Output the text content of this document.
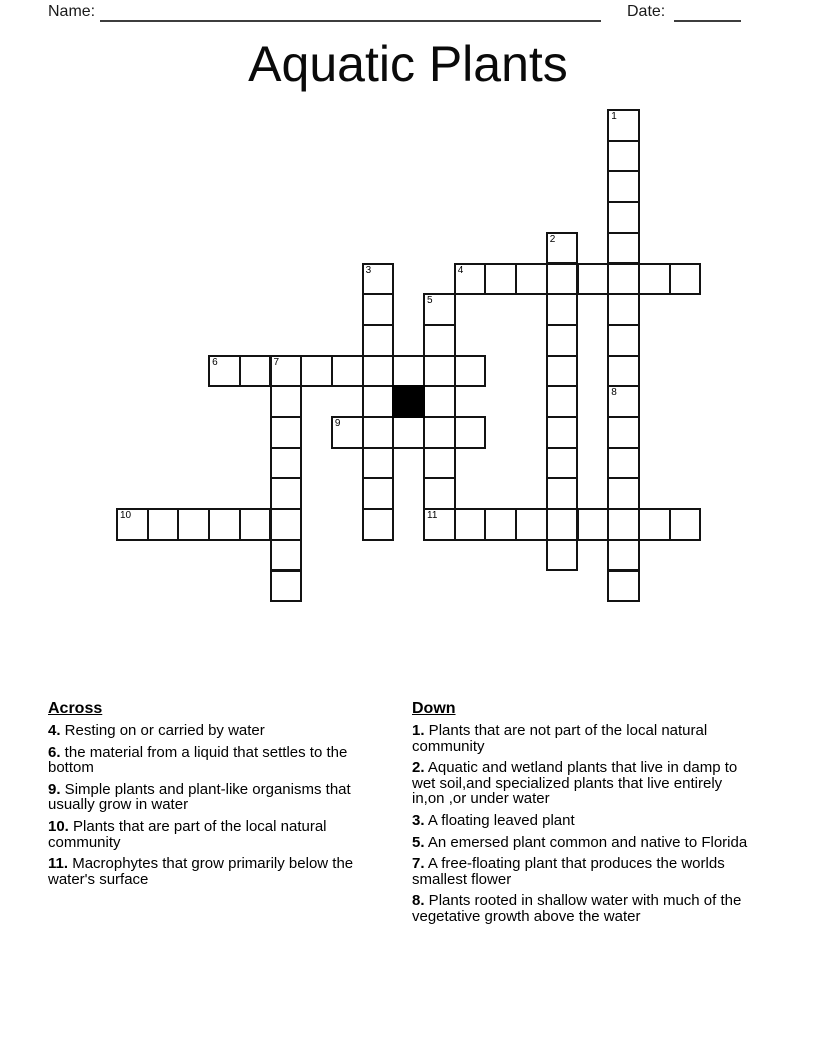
Name:	Date:
Aquatic Plants
1
2
3	4
5
6	7
8
9
10	11
Across
4. Resting on or carried by water
6. the material from a liquid that settles to the bottom
9. Simple plants and plant-like organisms that usually grow in water
10. Plants that are part of the local natural community
11. Macrophytes that grow primarily below the water's surface
Down
1. Plants that are not part of the local natural community
2. Aquatic and wetland plants that live in damp to wet soil,and specialized plants that live entirely in,on ,or under water
3. A floating leaved plant
5. An emersed plant common and native to Florida
7. A free-floating plant that produces the worlds smallest flower
8. Plants rooted in shallow water with much of the vegetative growth above the water
